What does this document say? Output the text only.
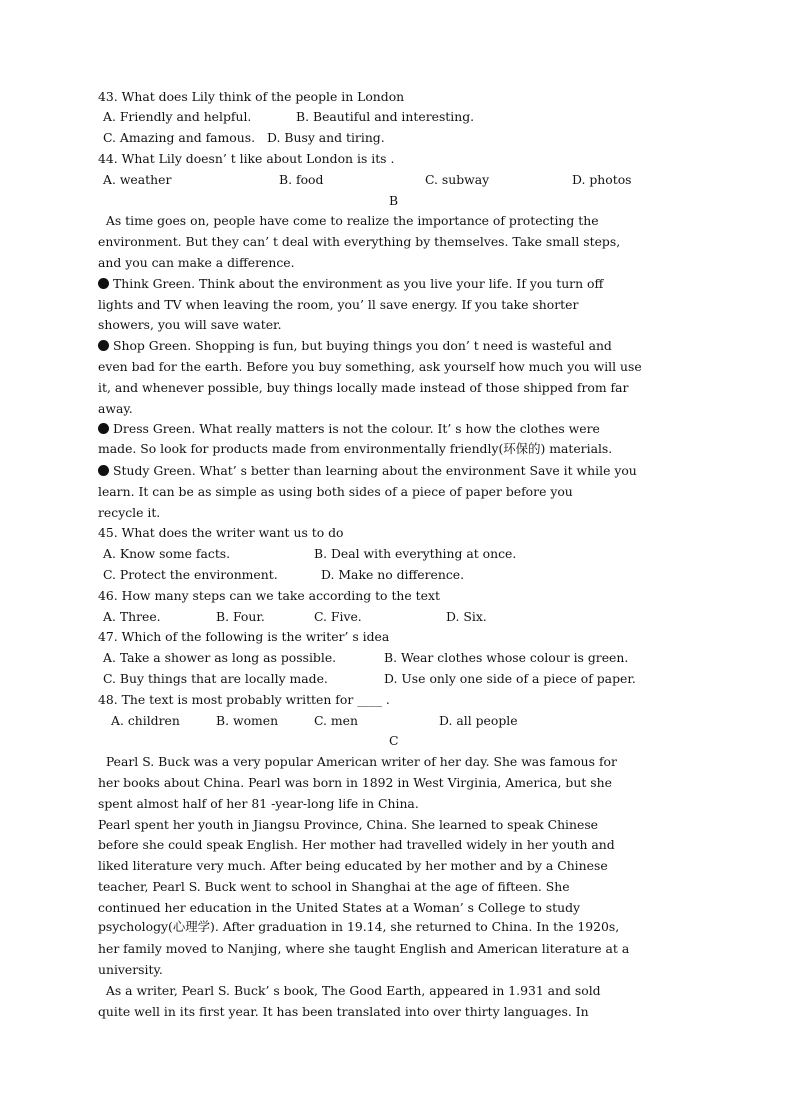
43. What does Lily think of the people in London
A. Friendly and helpful.	B. Beautiful and interesting.
C. Amazing and famous. D. Busy and tiring.
44. What Lily doesn’ t like about London is its .
A. weather	B. food	C. subway	D. photos
B
As time goes on, people have come to realize the importance of protecting the
environment. But they can’ t deal with everything by themselves. Take small steps,
and you can make a difference.
Think Green. Think about the environment as you live your life. If you turn off
lights and TV when leaving the room, you’ ll save energy. If you take shorter
showers, you will save water.
Shop Green. Shopping is fun, but buying things you don’ t need is wasteful and
even bad for the earth. Before you buy something, ask yourself how much you will use
it, and whenever possible, buy things locally made instead of those shipped from far
away.
Dress Green. What really matters is not the colour. It’ s how the clothes were
made. So look for products made from environmentally friendly(环保的) materials.
Study Green. What’ s better than learning about the environment Save it while you
learn. It can be as simple as using both sides of a piece of paper before you
recycle it.
45. What does the writer want us to do
A. Know some facts.	B. Deal with everything at once.
C. Protect the environment.	D. Make no difference.
46. How many steps can we take according to the text
A. Three.	B. Four.	C. Five.	D. Six.
47. Which of the following is the writer’ s idea
A. Take a shower as long as possible.	B. Wear clothes whose colour is green.
C. Buy things that are locally made.	D. Use only one side of a piece of paper.
48. The text is most probably written for ____ .
A. children	B. women	C. men	D. all people
C
Pearl S. Buck was a very popular American writer of her day. She was famous for
her books about China. Pearl was born in 1892 in West Virginia, America, but she
spent almost half of her 81 -year-long life in China.
Pearl spent her youth in Jiangsu Province, China. She learned to speak Chinese
before she could speak English. Her mother had travelled widely in her youth and
liked literature very much. After being educated by her mother and by a Chinese
teacher, Pearl S. Buck went to school in Shanghai at the age of fifteen. She
continued her education in the United States at a Woman’ s College to study
psychology(心理学). After graduation in 19.14, she returned to China. In the 1920s,
her family moved to Nanjing, where she taught English and American literature at a
university.
As a writer, Pearl S. Buck’ s book, The Good Earth, appeared in 1.931 and sold
quite well in its first year. It has been translated into over thirty languages. In
